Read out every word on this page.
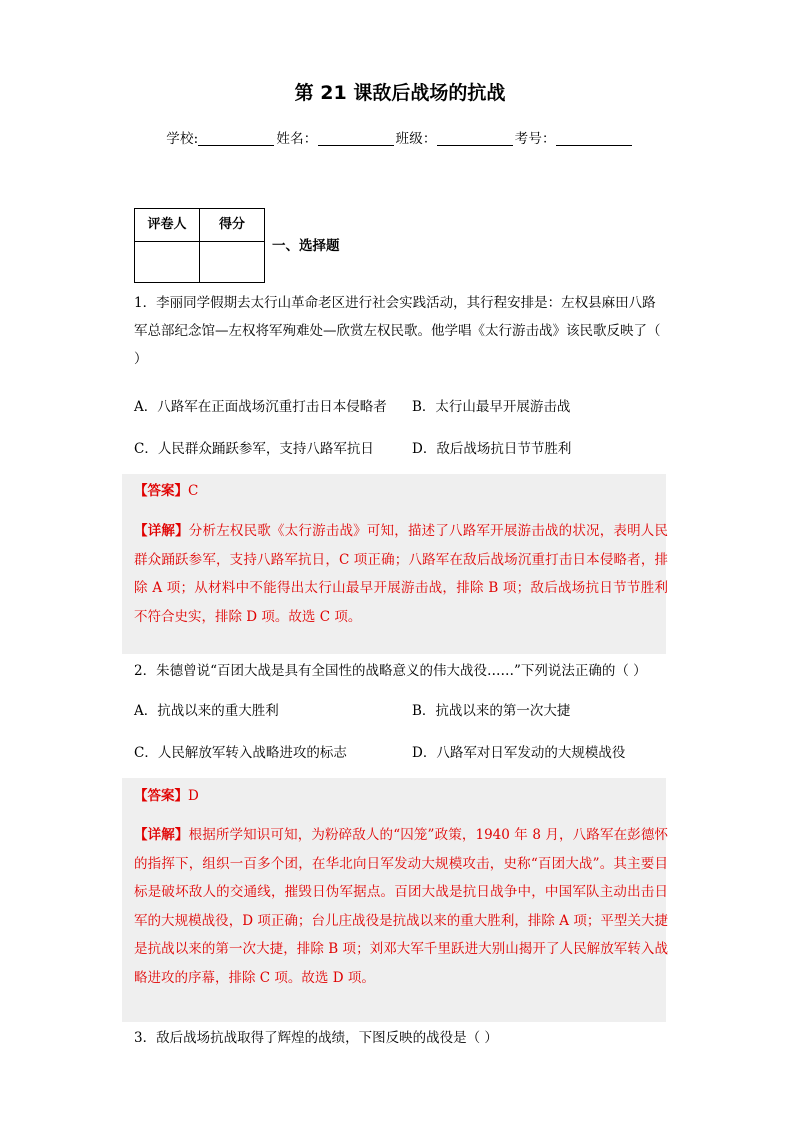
第 21 课敌后战场的抗战
学校:	姓名：	班级：	考号：
评卷人	得分

一、选择题
1．李丽同学假期去太行山革命老区进行社会实践活动，其行程安排是：左权县麻田八路军总部纪念馆—左权将军殉难处—欣赏左权民歌。他学唱《太行游击战》该民歌反映了（ ）
A．八路军在正面战场沉重打击日本侵略者 B．太行山最早开展游击战
C．人民群众踊跃参军，支持八路军抗日	D．敌后战场抗日节节胜利
【答案】C
【详解】分析左权民歌《太行游击战》可知，描述了八路军开展游击战的状况，表明人民群众踊跃参军，支持八路军抗日，C 项正确；八路军在敌后战场沉重打击日本侵略者，排除 A 项；从材料中不能得出太行山最早开展游击战，排除 B 项；敌后战场抗日节节胜利不符合史实，排除 D 项。故选 C 项。
2．朱德曾说“百团大战是具有全国性的战略意义的伟大战役……”下列说法正确的（ ）
A．抗战以来的重大胜利	B．抗战以来的第一次大捷
C．人民解放军转入战略进攻的标志	D．八路军对日军发动的大规模战役
【答案】D
【详解】根据所学知识可知，为粉碎敌人的“囚笼”政策，1940 年 8 月，八路军在彭德怀的指挥下，组织一百多个团，在华北向日军发动大规模攻击，史称“百团大战”。其主要目标是破坏敌人的交通线，摧毁日伪军据点。百团大战是抗日战争中，中国军队主动出击日军的大规模战役，D 项正确；台儿庄战役是抗战以来的重大胜利，排除 A 项；平型关大捷是抗战以来的第一次大捷，排除 B 项；刘邓大军千里跃进大别山揭开了人民解放军转入战略进攻的序幕，排除 C 项。故选 D 项。
3．敌后战场抗战取得了辉煌的战绩，下图反映的战役是（ ）
